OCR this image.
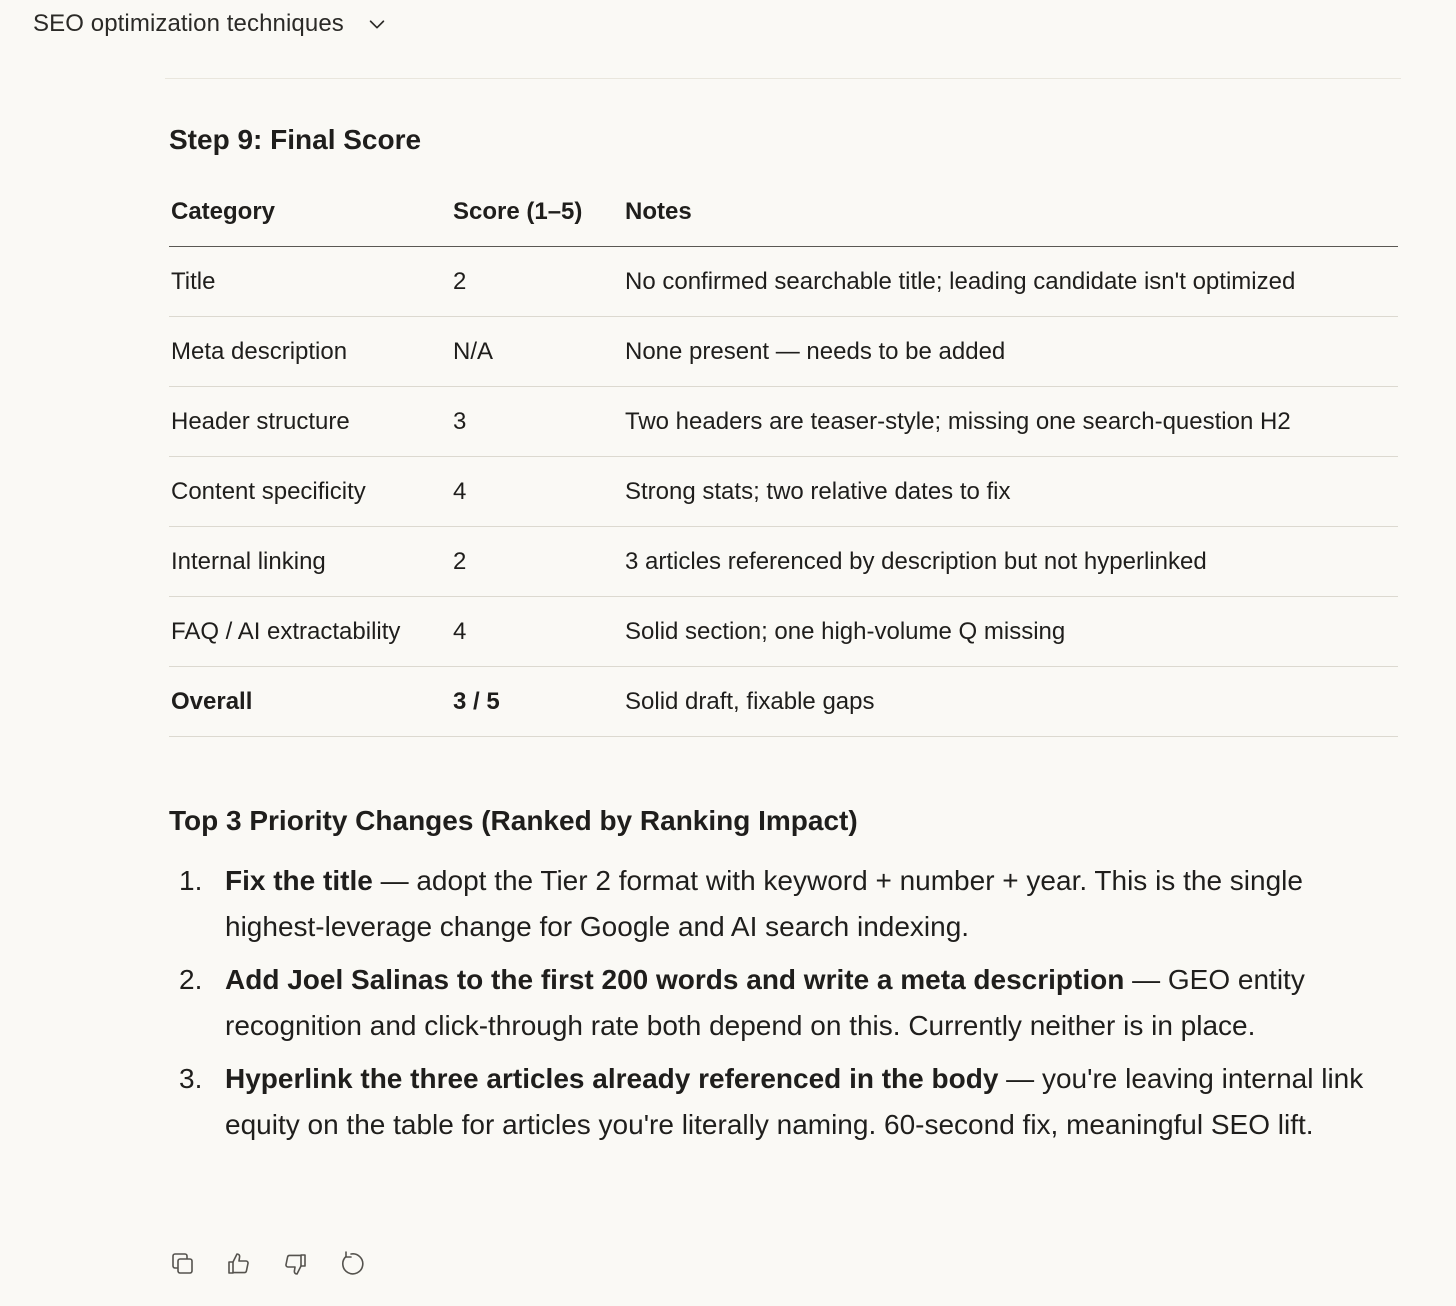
SEO optimization techniques
Step 9: Final Score
Category	Score (1–5)	Notes
Title	2	No confirmed searchable title; leading candidate isn't optimized
Meta description	N/A	None present — needs to be added
Header structure	3	Two headers are teaser-style; missing one search-question H2
Content specificity	4	Strong stats; two relative dates to fix
Internal linking	2	3 articles referenced by description but not hyperlinked
FAQ / AI extractability	4	Solid section; one high-volume Q missing
Overall	3 / 5	Solid draft, fixable gaps
Top 3 Priority Changes (Ranked by Ranking Impact)
1. Fix the title — adopt the Tier 2 format with keyword + number + year. This is the single highest-leverage change for Google and AI search indexing.
2. Add Joel Salinas to the first 200 words and write a meta description — GEO entity recognition and click-through rate both depend on this. Currently neither is in place.
3. Hyperlink the three articles already referenced in the body — you're leaving internal link equity on the table for articles you're literally naming. 60-second fix, meaningful SEO lift.
